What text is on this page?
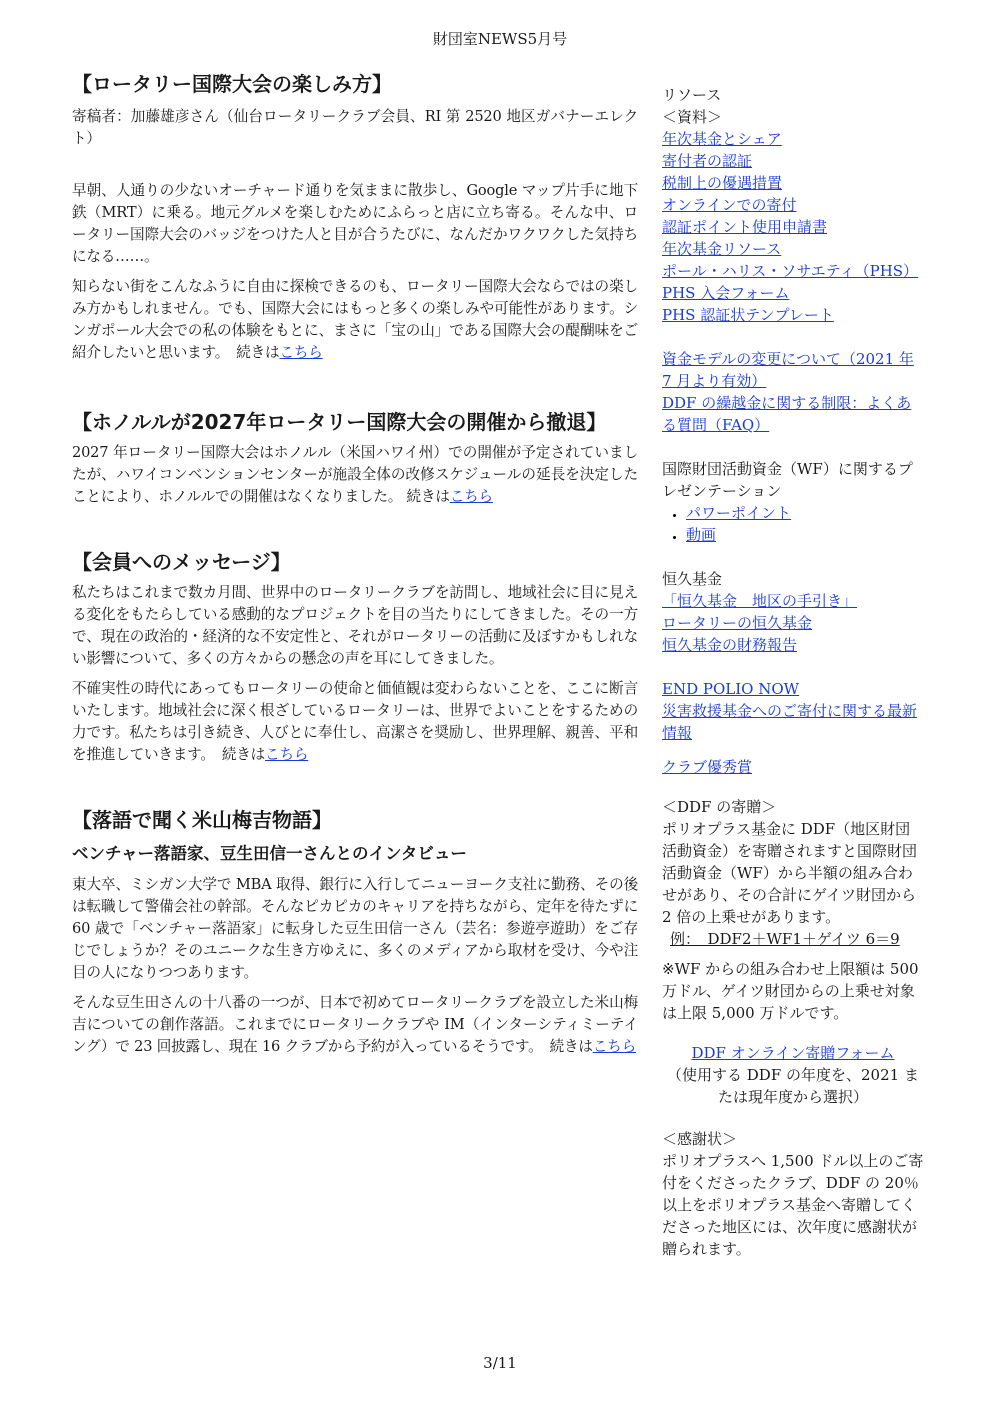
財団室NEWS5月号
【ロータリー国際大会の楽しみ方】

寄稿者：加藤雄彦さん（仙台ロータリークラブ会員、RI 第 2520 地区ガバナーエレクト）

早朝、人通りの少ないオーチャード通りを気ままに散歩し、Google マップ片手に地下鉄（MRT）に乗る。地元グルメを楽しむためにふらっと店に立ち寄る。そんな中、ロータリー国際大会のバッジをつけた人と目が合うたびに、なんだかワクワクした気持ちになる……。

知らない街をこんなふうに自由に探検できるのも、ロータリー国際大会ならではの楽しみ方かもしれません。でも、国際大会にはもっと多くの楽しみや可能性があります。シンガポール大会での私の体験をもとに、まさに「宝の山」である国際大会の醍醐味をご紹介したいと思います。　続きはこちら

【ホノルルが2027年ロータリー国際大会の開催から撤退】

2027 年ロータリー国際大会はホノルル（米国ハワイ州）での開催が予定されていましたが、ハワイコンベンションセンターが施設全体の改修スケジュールの延長を決定したことにより、ホノルルでの開催はなくなりました。 続きはこちら

【会員へのメッセージ】

私たちはこれまで数カ月間、世界中のロータリークラブを訪問し、地域社会に目に見える変化をもたらしている感動的なプロジェクトを目の当たりにしてきました。その一方で、現在の政治的・経済的な不安定性と、それがロータリーの活動に及ぼすかもしれない影響について、多くの方々からの懸念の声を耳にしてきました。

不確実性の時代にあってもロータリーの使命と価値観は変わらないことを、ここに断言いたします。地域社会に深く根ざしているロータリーは、世界でよいことをするための力です。私たちは引き続き、人びとに奉仕し、高潔さを奨励し、世界理解、親善、平和を推進していきます。　続きはこちら

【落語で聞く米山梅吉物語】
ベンチャー落語家、豆生田信一さんとのインタビュー

東大卒、ミシガン大学で MBA 取得、銀行に入行してニューヨーク支社に勤務、その後は転職して警備会社の幹部。そんなピカピカのキャリアを持ちながら、定年を待たずに 60 歳で「ベンチャー落語家」に転身した豆生田信一さん（芸名：参遊亭遊助）をご存じでしょうか？そのユニークな生き方ゆえに、多くのメディアから取材を受け、今や注目の人になりつつあります。

そんな豆生田さんの十八番の一つが、日本で初めてロータリークラブを設立した米山梅吉についての創作落語。これまでにロータリークラブや IM（インターシティミーテイング）で 23 回披露し、現在 16 クラブから予約が入っているそうです。　続きはこちら

リソース
＜資料＞
年次基金とシェア
寄付者の認証
税制上の優遇措置
オンラインでの寄付
認証ポイント使用申請書
年次基金リソース
ポール・ハリス・ソサエティ（PHS）
PHS 入会フォーム
PHS 認証状テンプレート
資金モデルの変更について（2021 年 7 月より有効）
DDF の繰越金に関する制限：よくある質問（FAQ）
国際財団活動資金（WF）に関するプレゼンテーション
• パワーポイント
• 動画
恒久基金
「恒久基金　地区の手引き」
ロータリーの恒久基金
恒久基金の財務報告
END POLIO NOW
災害救援基金へのご寄付に関する最新情報
クラブ優秀賞
＜DDF の寄贈＞
ポリオプラス基金に DDF（地区財団活動資金）を寄贈されますと国際財団活動資金（WF）から半額の組み合わせがあり、その合計にゲイツ財団から 2 倍の上乗せがあります。
例：　DDF2＋WF1＋ゲイツ 6＝9
※WF からの組み合わせ上限額は 500 万ドル、ゲイツ財団からの上乗せ対象は上限 5,000 万ドルです。
DDF オンライン寄贈フォーム
（使用する DDF の年度を、2021 または現年度から選択）
＜感謝状＞
ポリオプラスへ 1,500 ドル以上のご寄付をくださったクラブ、DDF の 20％以上をポリオプラス基金へ寄贈してくださった地区には、次年度に感謝状が贈られます。
3/11
